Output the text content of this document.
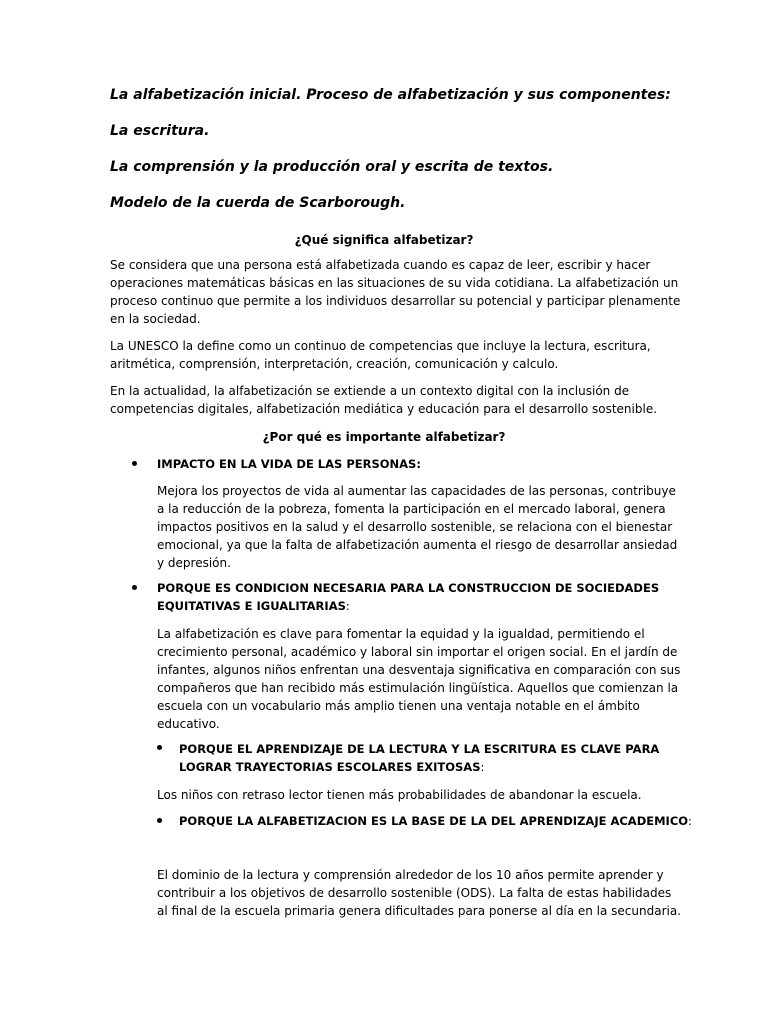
La alfabetización inicial. Proceso de alfabetización y sus componentes:

La escritura.

La comprensión y la producción oral y escrita de textos.

Modelo de la cuerda de Scarborough.

¿Qué significa alfabetizar?

Se considera que una persona está alfabetizada cuando es capaz de leer, escribir y hacer
operaciones matemáticas básicas en las situaciones de su vida cotidiana. La alfabetización un
proceso continuo que permite a los individuos desarrollar su potencial y participar plenamente
en la sociedad.
La UNESCO la define como un continuo de competencias que incluye la lectura, escritura,
aritmética, comprensión, interpretación, creación, comunicación y calculo.
En la actualidad, la alfabetización se extiende a un contexto digital con la inclusión de
competencias digitales, alfabetización mediática y educación para el desarrollo sostenible.

¿Por qué es importante alfabetizar?

IMPACTO EN LA VIDA DE LAS PERSONAS:
Mejora los proyectos de vida al aumentar las capacidades de las personas, contribuye
a la reducción de la pobreza, fomenta la participación en el mercado laboral, genera
impactos positivos en la salud y el desarrollo sostenible, se relaciona con el bienestar
emocional, ya que la falta de alfabetización aumenta el riesgo de desarrollar ansiedad
y depresión.
PORQUE ES CONDICION NECESARIA PARA LA CONSTRUCCION DE SOCIEDADES
EQUITATIVAS E IGUALITARIAS:
La alfabetización es clave para fomentar la equidad y la igualdad, permitiendo el
crecimiento personal, académico y laboral sin importar el origen social. En el jardín de
infantes, algunos niños enfrentan una desventaja significativa en comparación con sus
compañeros que han recibido más estimulación lingüística. Aquellos que comienzan la
escuela con un vocabulario más amplio tienen una ventaja notable en el ámbito
educativo.
PORQUE EL APRENDIZAJE DE LA LECTURA Y LA ESCRITURA ES CLAVE PARA
LOGRAR TRAYECTORIAS ESCOLARES EXITOSAS:
Los niños con retraso lector tienen más probabilidades de abandonar la escuela.
PORQUE LA ALFABETIZACION ES LA BASE DE LA DEL APRENDIZAJE ACADEMICO:
El dominio de la lectura y comprensión alrededor de los 10 años permite aprender y
contribuir a los objetivos de desarrollo sostenible (ODS). La falta de estas habilidades
al final de la escuela primaria genera dificultades para ponerse al día en la secundaria.
